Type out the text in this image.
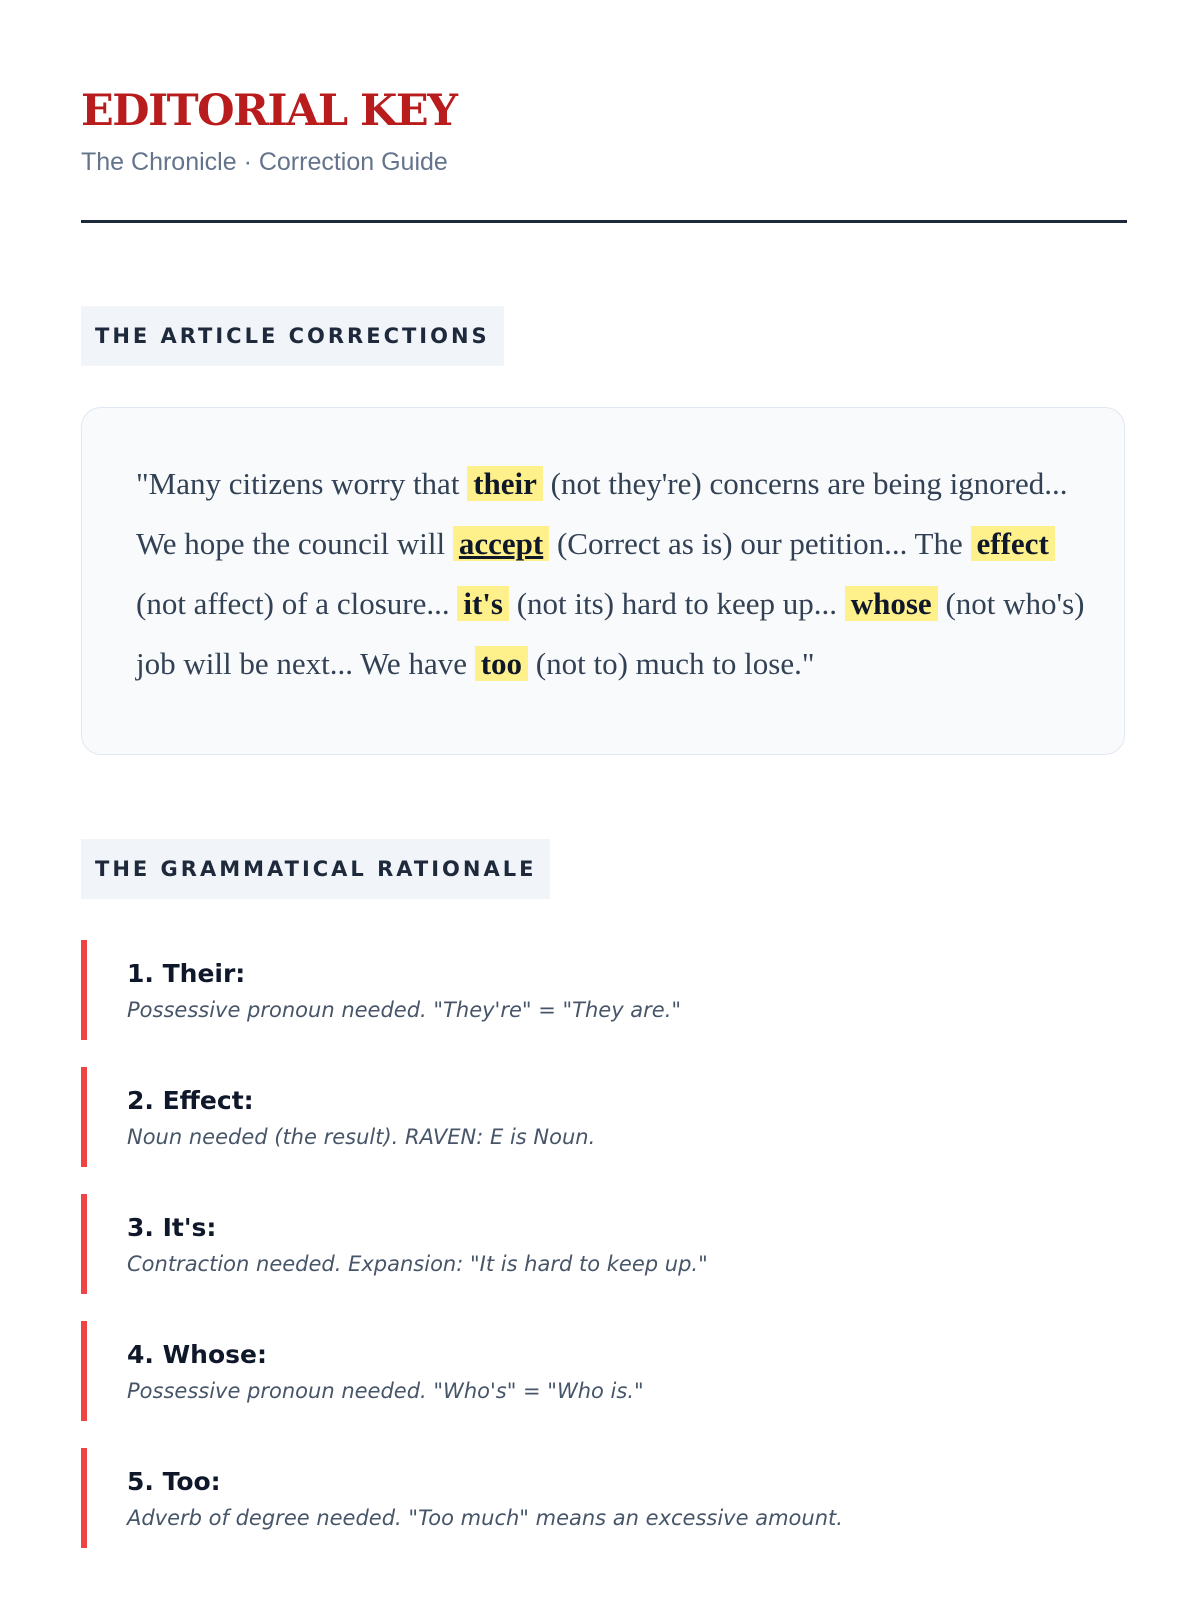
EDITORIAL KEY
The Chronicle · Correction Guide
THE ARTICLE CORRECTIONS
"Many citizens worry that their (not they're) concerns are being ignored... We hope the council will accept (Correct as is) our petition... The effect (not affect) of a closure... it's (not its) hard to keep up... whose (not who's) job will be next... We have too (not to) much to lose."
THE GRAMMATICAL RATIONALE
1. Their:
Possessive pronoun needed. "They're" = "They are."
2. Effect:
Noun needed (the result). RAVEN: E is Noun.
3. It's:
Contraction needed. Expansion: "It is hard to keep up."
4. Whose:
Possessive pronoun needed. "Who's" = "Who is."
5. Too:
Adverb of degree needed. "Too much" means an excessive amount.
